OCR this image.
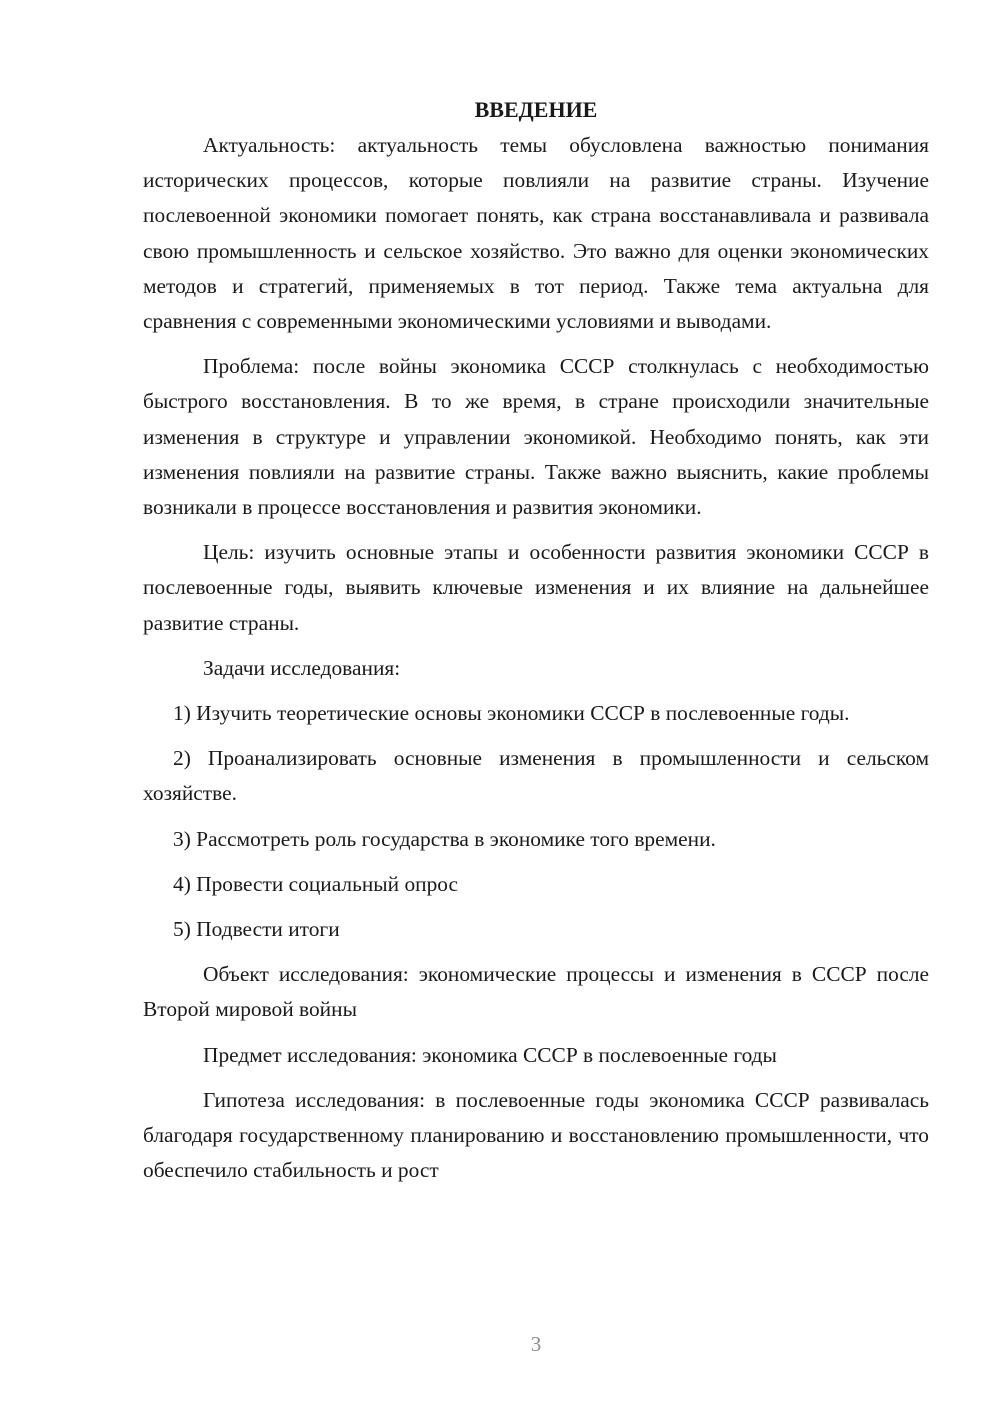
ВВЕДЕНИЕ

Актуальность: актуальность темы обусловлена важностью понимания исторических процессов, которые повлияли на развитие страны. Изучение послевоенной экономики помогает понять, как страна восстанавливала и развивала свою промышленность и сельское хозяйство. Это важно для оценки экономических методов и стратегий, применяемых в тот период. Также тема актуальна для сравнения с современными экономическими условиями и выводами.

Проблема: после войны экономика СССР столкнулась с необходимостью быстрого восстановления. В то же время, в стране происходили значительные изменения в структуре и управлении экономикой. Необходимо понять, как эти изменения повлияли на развитие страны. Также важно выяснить, какие проблемы возникали в процессе восстановления и развития экономики.

Цель: изучить основные этапы и особенности развития экономики СССР в послевоенные годы, выявить ключевые изменения и их влияние на дальнейшее развитие страны.

Задачи исследования:

1) Изучить теоретические основы экономики СССР в послевоенные годы.

2) Проанализировать основные изменения в промышленности и сельском хозяйстве.

3) Рассмотреть роль государства в экономике того времени.

4) Провести социальный опрос

5) Подвести итоги

Объект исследования: экономические процессы и изменения в СССР после Второй мировой войны

Предмет исследования: экономика СССР в послевоенные годы

Гипотеза исследования: в послевоенные годы экономика СССР развивалась благодаря государственному планированию и восстановлению промышленности, что обеспечило стабильность и рост

3
